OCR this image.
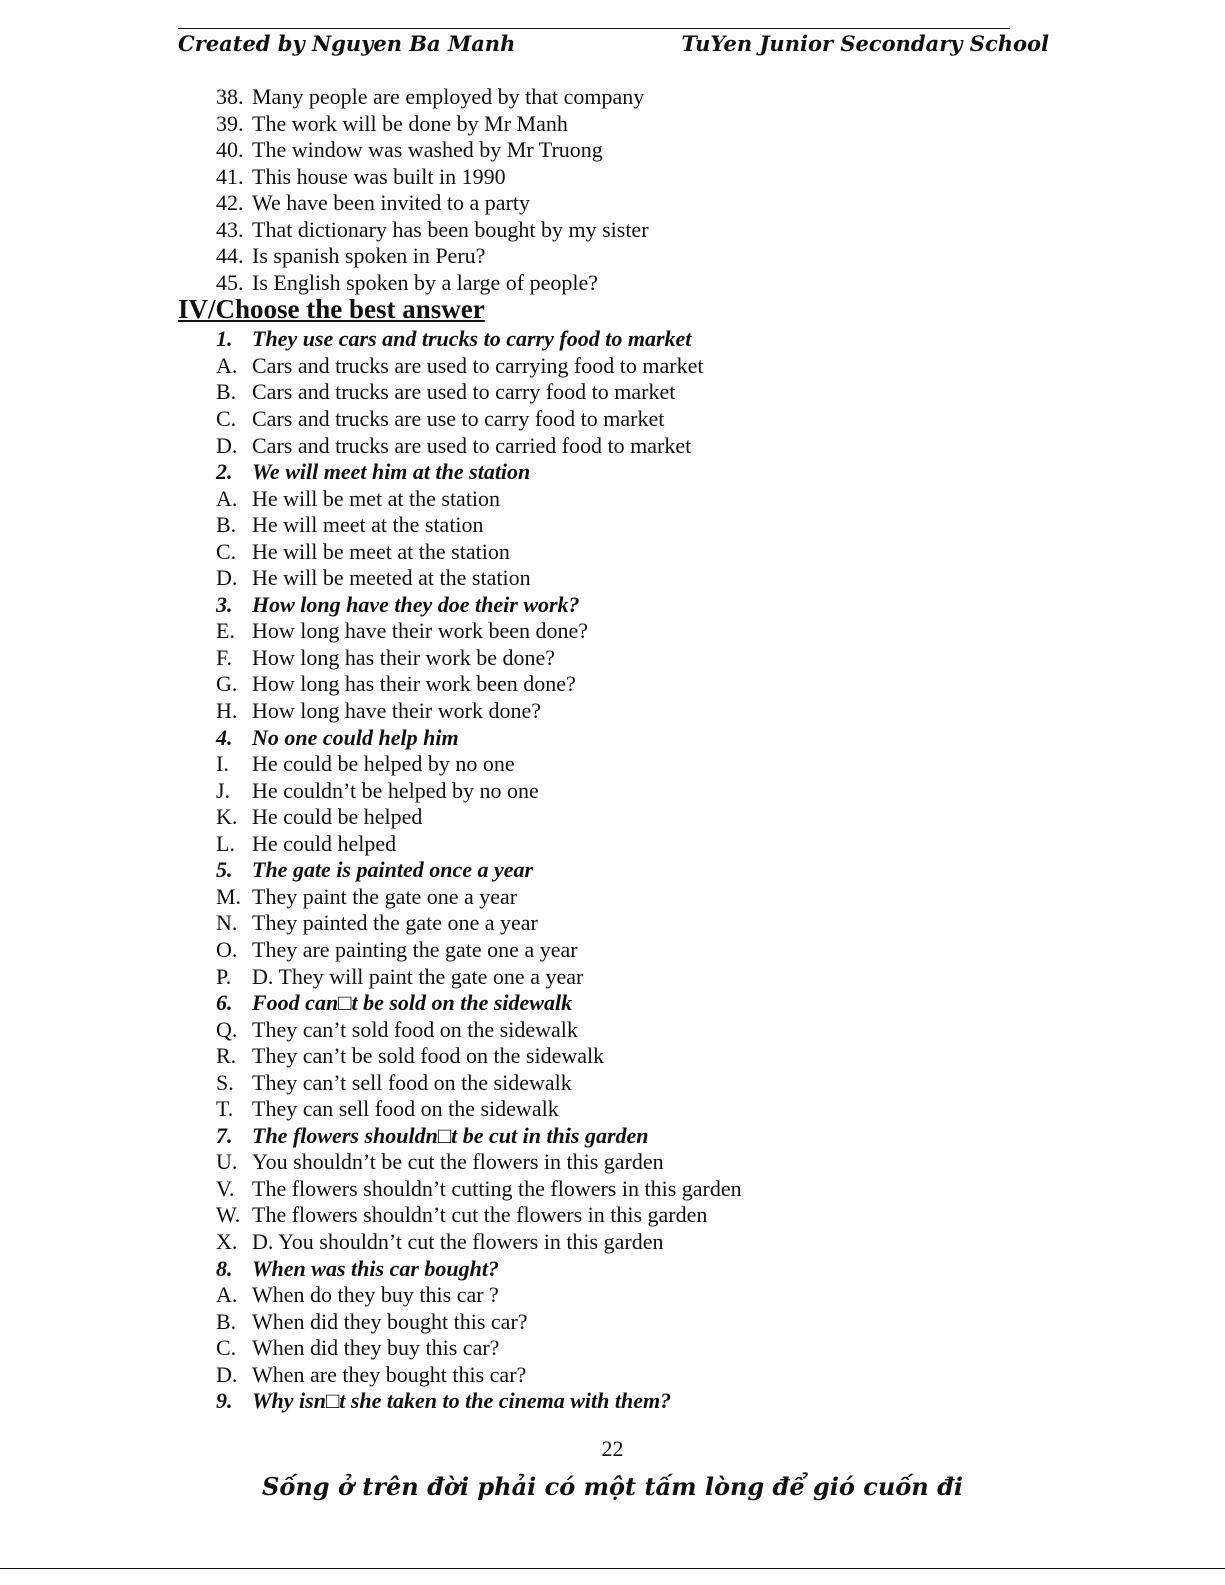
Created by Nguyen Ba Manh	TuYen Junior Secondary School
38. Many people are employed by that company
39. The work will be done by Mr Manh
40. The window was washed by Mr Truong
41. This house was built in 1990
42. We have been invited to a party
43. That dictionary has been bought by my sister
44. Is spanish spoken in Peru?
45. Is English spoken by a large of people?
IV/Choose the best answer
1. They use cars and trucks to carry food to market
A. Cars and trucks are used to carrying food to market
B. Cars and trucks are used to carry food to market
C. Cars and trucks are use to carry food to market
D. Cars and trucks are used to carried food to market
2. We will meet him at the station
A. He will be met at the station
B. He will meet at the station
C. He will be meet at the station
D. He will be meeted at the station
3. How long have they doe their work?
E. How long have their work been done?
F. How long has their work be done?
G. How long has their work been done?
H. How long have their work done?
4. No one could help him
I. He could be helped by no one
J. He couldn’t be helped by no one
K. He could be helped
L. He could helped
5. The gate is painted once a year
M. They paint the gate one a year
N. They painted the gate one a year
O. They are painting the gate one a year
P. D. They will paint the gate one a year
6. Food can□t be sold on the sidewalk
Q. They can’t sold food on the sidewalk
R. They can’t be sold food on the sidewalk
S. They can’t sell food on the sidewalk
T. They can sell food on the sidewalk
7. The flowers shouldn□t be cut in this garden
U. You shouldn’t be cut the flowers in this garden
V. The flowers shouldn’t cutting the flowers in this garden
W. The flowers shouldn’t cut the flowers in this garden
X. D. You shouldn’t cut the flowers in this garden
8. When was this car bought?
A. When do they buy this car ?
B. When did they bought this car?
C. When did they buy this car?
D. When are they bought this car?
9. Why isn□t she taken to the cinema with them?
22
Sống ở trên đời phải có một tấm lòng để gió cuốn đi
